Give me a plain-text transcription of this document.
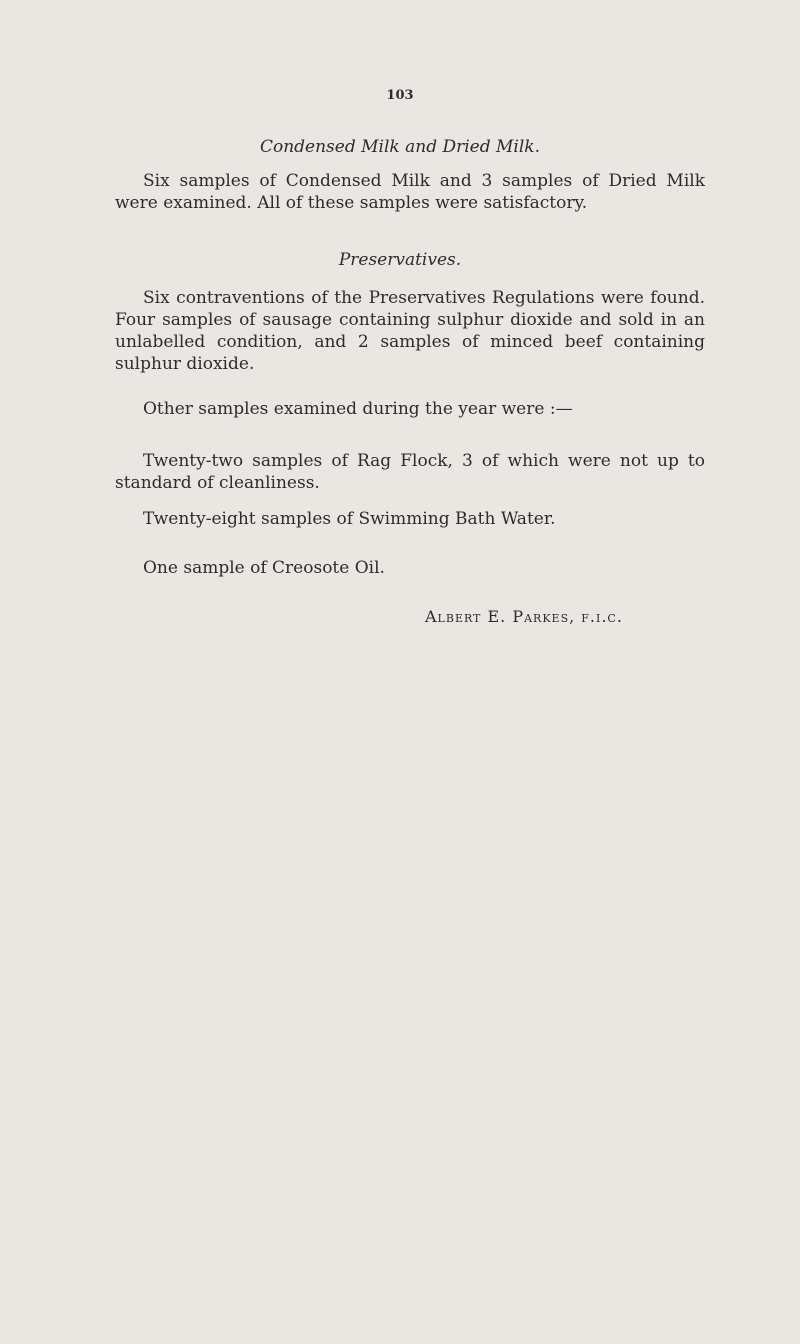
103
Condensed Milk and Dried Milk.
Six samples of Condensed Milk and 3 samples of Dried Milk were examined. All of these samples were satisfactory.
Preservatives.
Six contraventions of the Preservatives Regulations were found. Four samples of sausage containing sulphur dioxide and sold in an unlabelled condition, and 2 samples of minced beef containing sulphur dioxide.
Other samples examined during the year were :—
Twenty-two samples of Rag Flock, 3 of which were not up to standard of cleanliness.
Twenty-eight samples of Swimming Bath Water.
One sample of Creosote Oil.
Albert E. Parkes, f.i.c.
